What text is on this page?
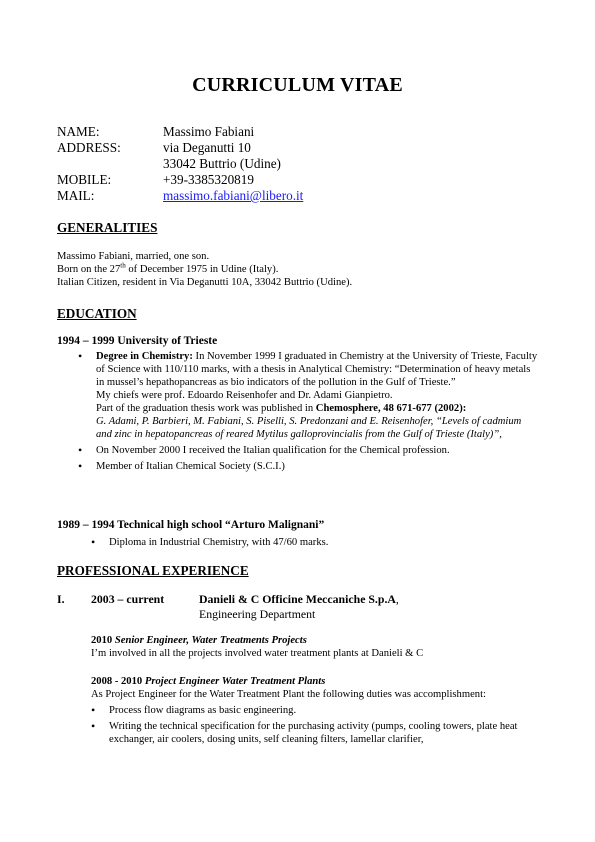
CURRICULUM VITAE
NAME:	Massimo Fabiani
ADDRESS:	via Deganutti 10
33042 Buttrio (Udine)
MOBILE:	+39-3385320819
MAIL:	massimo.fabiani@libero.it
GENERALITIES
Massimo Fabiani, married, one son.
Born on the 27th of December 1975 in Udine (Italy).
Italian Citizen, resident in Via Deganutti 10A, 33042 Buttrio (Udine).
EDUCATION
1994 – 1999 University of Trieste
• Degree in Chemistry: In November 1999 I graduated in Chemistry at the University of Trieste, Faculty of Science with 110/110 marks, with a thesis in Analytical Chemistry: “Determination of heavy metals in mussel’s hepathopancreas as bio indicators of the pollution in the Gulf of Trieste.”
My chiefs were prof. Edoardo Reisenhofer and Dr. Adami Gianpietro.
Part of the graduation thesis work was published in Chemosphere, 48 671-677 (2002):
G. Adami, P. Barbieri, M. Fabiani, S. Piselli, S. Predonzani and E. Reisenhofer, “Levels of cadmium and zinc in hepatopancreas of reared Mytilus galloprovincialis from the Gulf of Trieste (Italy)”,
• On November 2000 I received the Italian qualification for the Chemical profession.
• Member of Italian Chemical Society (S.C.I.)
1989 – 1994 Technical high school “Arturo Malignani”
• Diploma in Industrial Chemistry, with 47/60 marks.
PROFESSIONAL EXPERIENCE
I. 2003 – current	Danieli & C Officine Meccaniche S.p.A,
Engineering Department
2010 Senior Engineer, Water Treatments Projects
I’m involved in all the projects involved water treatment plants at Danieli & C
2008 - 2010 Project Engineer Water Treatment Plants
As Project Engineer for the Water Treatment Plant the following duties was accomplishment:
• Process flow diagrams as basic engineering.
• Writing the technical specification for the purchasing activity (pumps, cooling towers, plate heat exchanger, air coolers, dosing units, self cleaning filters, lamellar clarifier,
